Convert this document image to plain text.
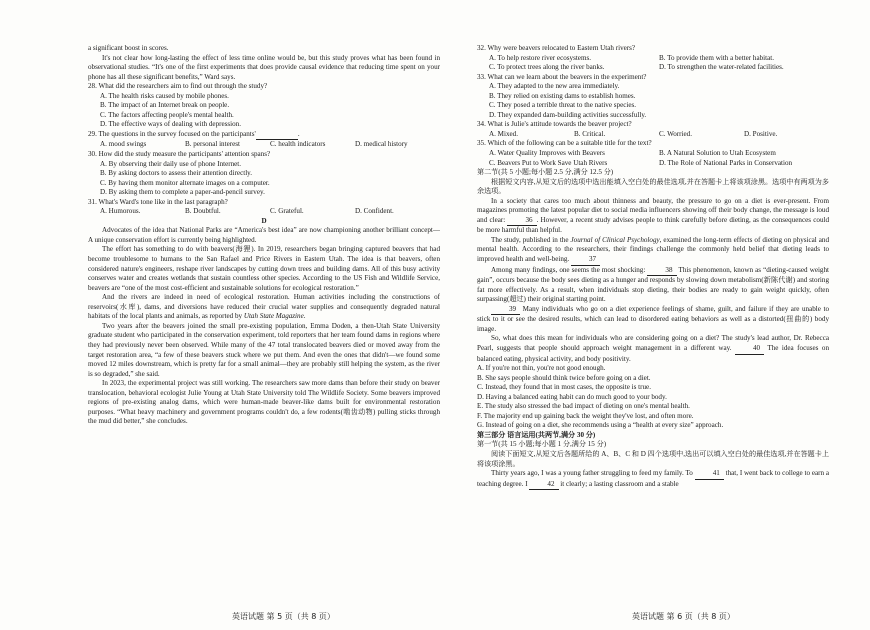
a significant boost in scores.

It's not clear how long-lasting the effect of less time online would be, but this study proves what has been found in observational studies. “It's one of the first experiments that does provide causal evidence that reducing time spent on your phone has all these significant benefits,” Ward says.

28. What did the researchers aim to find out through the study?

A. The health risks caused by mobile phones.

B. The impact of an Internet break on people.

C. The factors affecting people's mental health.

D. The effective ways of dealing with depression.

29. The questions in the survey focused on the participants'	.

A. mood swings	B. personal interest	C. health indicators	D. medical history

30. How did the study measure the participants' attention spans?

A. By observing their daily use of phone Internet.

B. By asking doctors to assess their attention directly.

C. By having them monitor alternate images on a computer.

D. By asking them to complete a paper-and-pencil survey.

31. What's Ward's tone like in the last paragraph?

A. Humorous.	B. Doubtful.	C. Grateful.	D. Confident.

D

Advocates of the idea that National Parks are “America's best idea” are now championing another brilliant concept—A unique conservation effort is currently being highlighted.

The effort has something to do with beavers(海狸). In 2019, researchers began bringing captured beavers that had become troublesome to humans to the San Rafael and Price Rivers in Eastern Utah. The idea is that beavers, often considered nature's engineers, reshape river landscapes by cutting down trees and building dams. All of this busy activity conserves water and creates wetlands that sustain countless other species. According to the US Fish and Wildlife Service, beavers are “one of the most cost-efficient and sustainable solutions for ecological restoration.”

And the rivers are indeed in need of ecological restoration. Human activities including the constructions of reservoirs(水库), dams, and diversions have reduced their crucial water supplies and consequently degraded natural habitats of the local plants and animals, as reported by Utah State Magazine.

Two years after the beavers joined the small pre-existing population, Emma Doden, a then-Utah State University graduate student who participated in the conservation experiment, told reporters that her team found dams in regions where they had previously never been observed. While many of the 47 total translocated beavers died or moved away from the target restoration area, “a few of these beavers stuck where we put them. And even the ones that didn't—we found some moved 12 miles downstream, which is pretty far for a small animal—they are probably still helping the system, as the river is so degraded,” she said.

In 2023, the experimental project was still working. The researchers saw more dams than before their study on beaver translocation, behavioral ecologist Julie Young at Utah State University told The Wildlife Society. Some beavers improved regions of pre-existing analog dams, which were human-made beaver-like dams built for environmental restoration purposes. “What heavy machinery and government programs couldn't do, a few rodents(啮齿动物) pulling sticks through the mud did better,” she concludes.

32. Why were beavers relocated to Eastern Utah rivers?

A. To help restore river ecosystems.	B. To provide them with a better habitat.
C. To protect trees along the river banks.	D. To strengthen the water-related facilities.

33. What can we learn about the beavers in the experiment?

A. They adapted to the new area immediately.

B. They relied on existing dams to establish homes.

C. They posed a terrible threat to the native species.

D. They expanded dam-building activities successfully.

34. What is Julie's attitude towards the beaver project?

A. Mixed.	B. Critical.	C. Worried.	D. Positive.

35. Which of the following can be a suitable title for the text?

A. Water Quality Improves with Beavers	B. A Natural Solution to Utah Ecosystem
C. Beavers Put to Work Save Utah Rivers	D. The Role of National Parks in Conservation

第二节(共 5 小题;每小题 2.5 分,满分 12.5 分)

根据短文内容,从短文后的选项中选出能填入空白处的最佳选项,并在答题卡上将该项涂黑。选项中有两项为多余选项。

In a society that cares too much about thinness and beauty, the pressure to go on a diet is ever-present. From magazines promoting the latest popular diet to social media influencers showing off their body change, the message is loud and clear:	36 . However, a recent study advises people to think carefully before dieting, as the consequences could be more harmful than helpful.

The study, published in the Journal of Clinical Psychology, examined the long-term effects of dieting on physical and mental health. According to the researchers, their findings challenge the commonly held belief that dieting leads to improved health and well-being.	37

Among many findings, one seems the most shocking:	38 This phenomenon, known as “dieting-caused weight gain”, occurs because the body sees dieting as a hunger and responds by slowing down metabolism(新陈代谢) and storing fat more effectively. As a result, when individuals stop dieting, their bodies are ready to gain weight quickly, often surpassing(超过) their original starting point.

39 Many individuals who go on a diet experience feelings of shame, guilt, and failure if they are unable to stick to it or see the desired results, which can lead to disordered eating behaviors as well as a distorted(扭曲的) body image.

So, what does this mean for individuals who are considering going on a diet? The study's lead author, Dr. Rebecca Pearl, suggests that people should approach weight management in a different way.	40 The idea focuses on balanced eating, physical activity, and body positivity.

A. If you're not thin, you're not good enough.

B. She says people should think twice before going on a diet.

C. Instead, they found that in most cases, the opposite is true.

D. Having a balanced eating habit can do much good to your body.

E. The study also stressed the bad impact of dieting on one's mental health.

F. The majority end up gaining back the weight they've lost, and often more.

G. Instead of going on a diet, she recommends using a “health at every size” approach.

第三部分 语言运用(共两节,满分 30 分)

第一节(共 15 小题;每小题 1 分,满分 15 分)

阅读下面短文,从短文后各题所给的 A、B、C 和 D 四个选项中,选出可以填入空白处的最佳选项,并在答题卡上将该项涂黑。

Thirty years ago, I was a young father struggling to feed my family. To	41 that, I went back to college to earn a teaching degree. I	42 it clearly; a lasting classroom and a stable

英语试题 第 5 页（共 8 页）	英语试题 第 6 页（共 8 页）
